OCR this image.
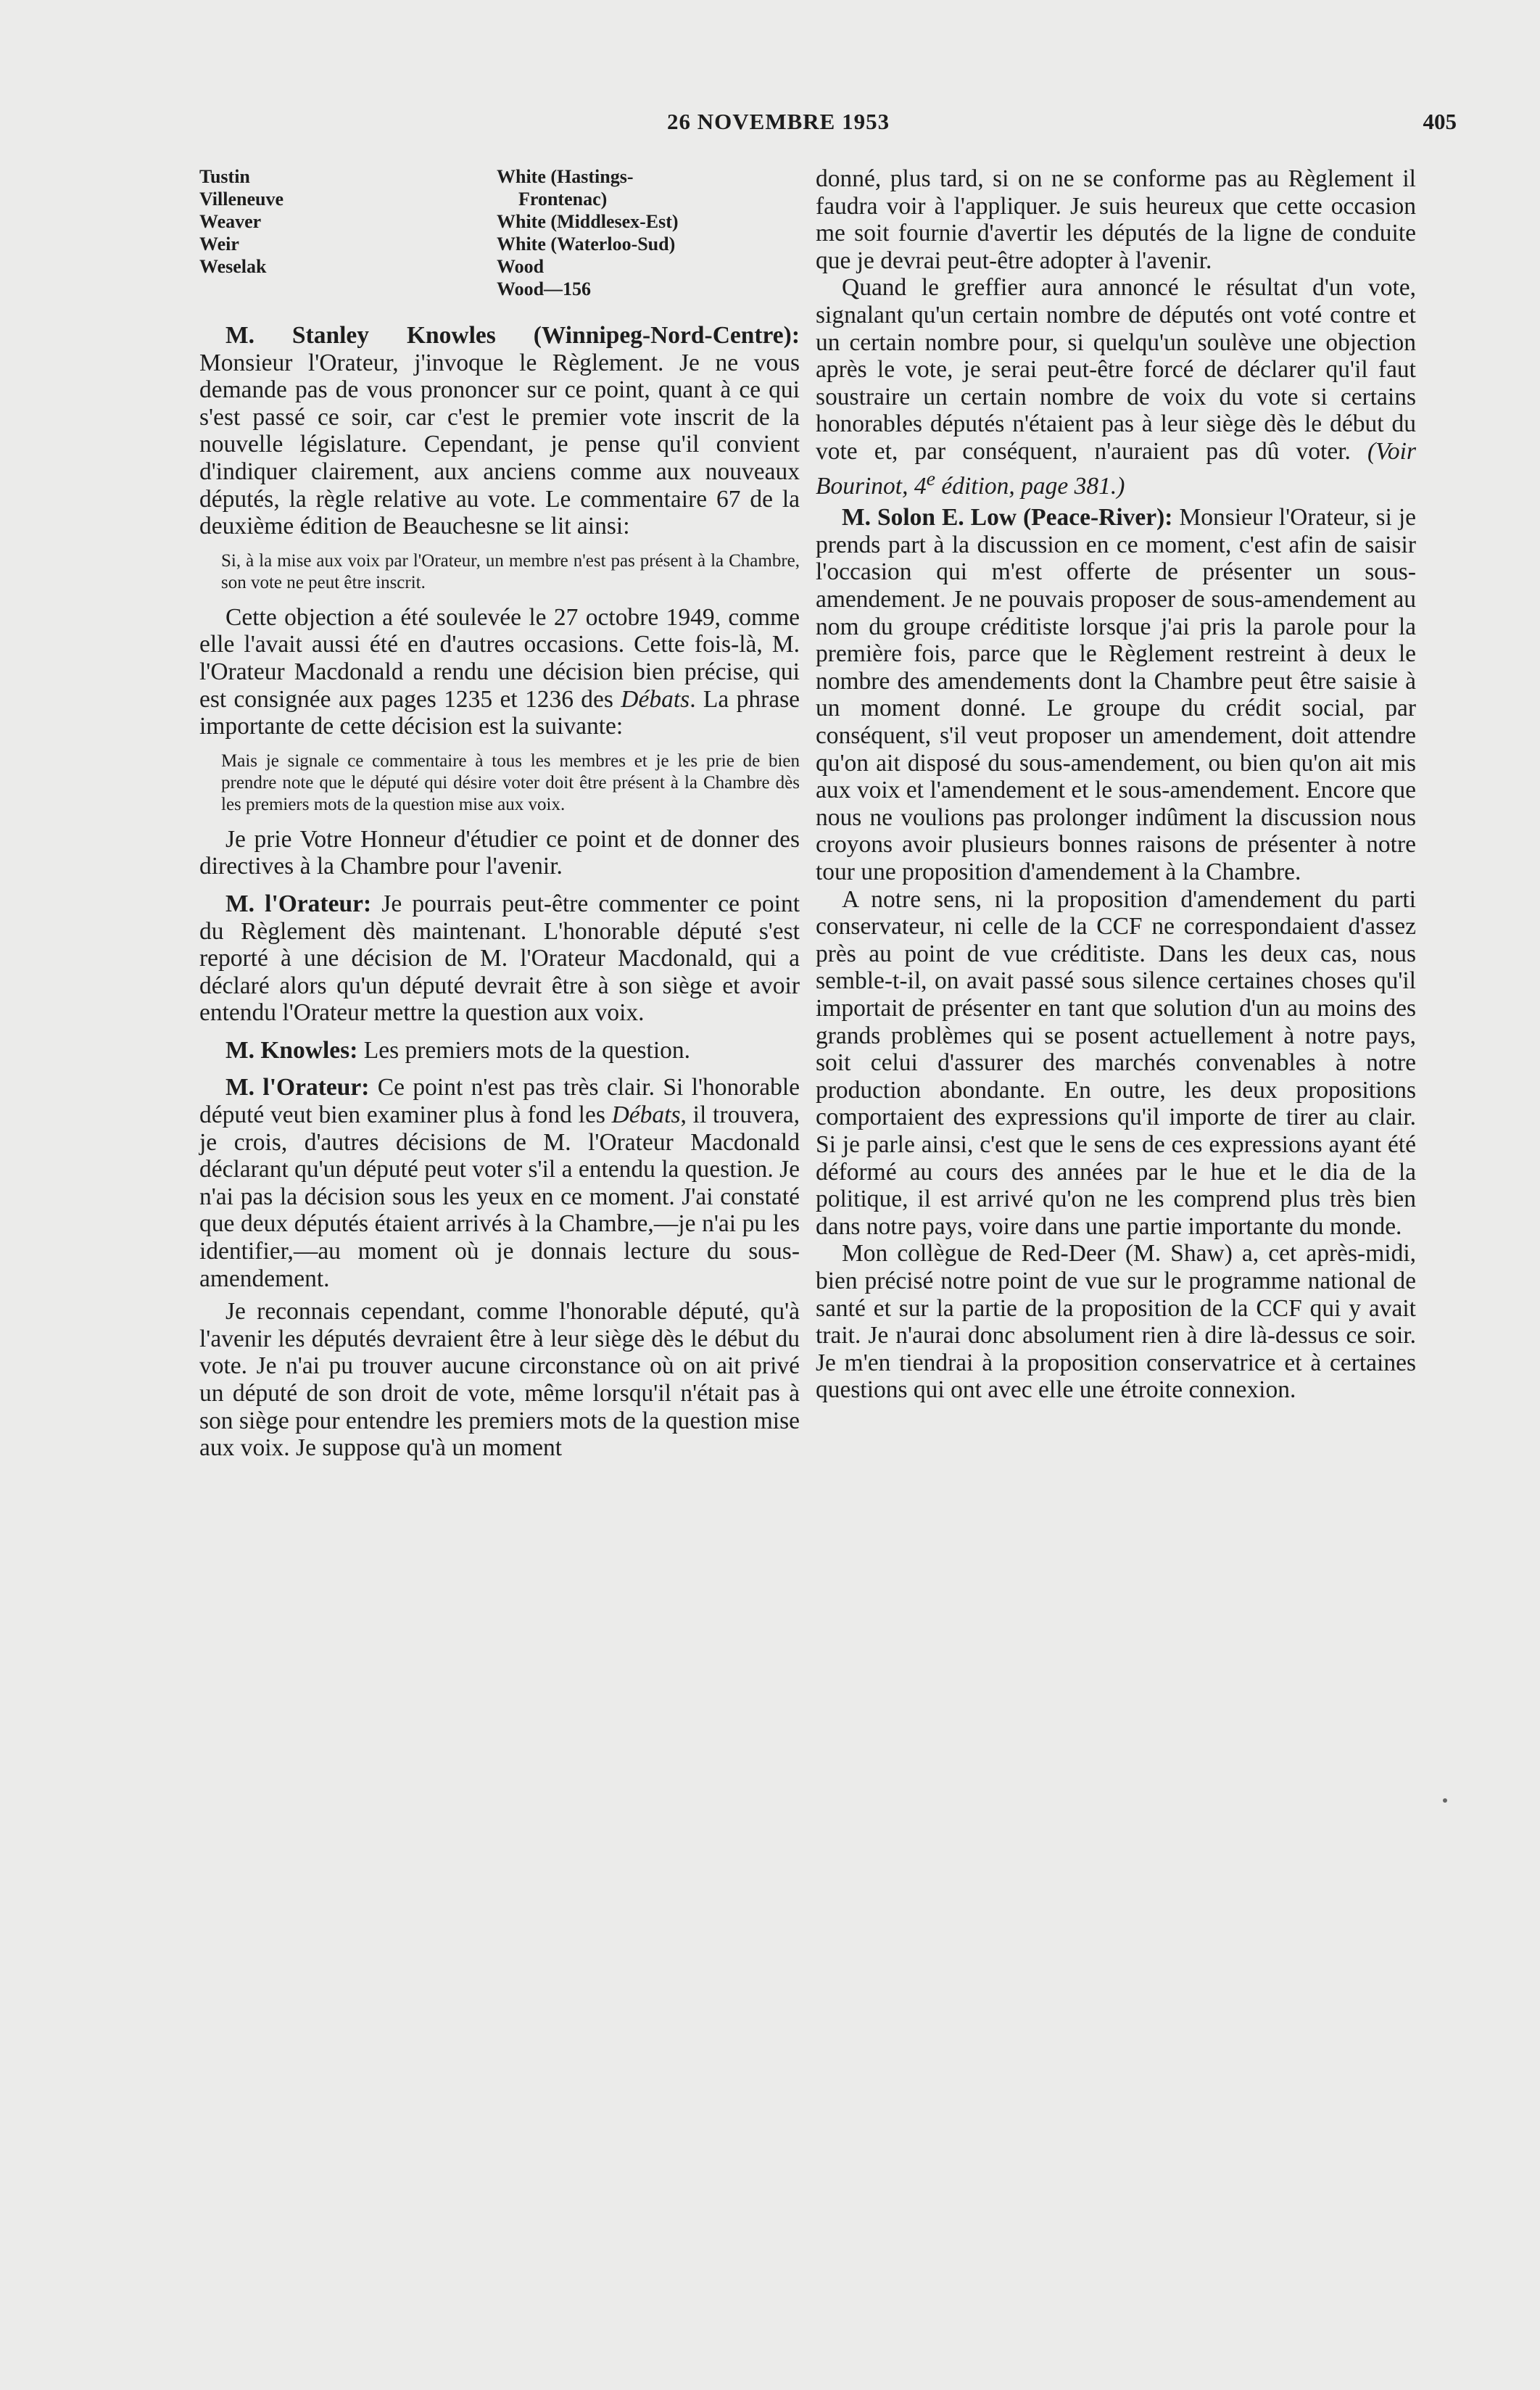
26 NOVEMBRE 1953	405
Tustin
Villeneuve
Weaver
Weir
Weselak
White (Hastings-
Frontenac)
White (Middlesex-Est)
White (Waterloo-Sud)
Wood
Wood—156

M. Stanley Knowles (Winnipeg-Nord-Centre): Monsieur l'Orateur, j'invoque le Règlement. Je ne vous demande pas de vous prononcer sur ce point, quant à ce qui s'est passé ce soir, car c'est le premier vote inscrit de la nouvelle législature. Cependant, je pense qu'il convient d'indiquer clairement, aux anciens comme aux nouveaux députés, la règle relative au vote. Le commentaire 67 de la deuxième édition de Beauchesne se lit ainsi:

Si, à la mise aux voix par l'Orateur, un membre n'est pas présent à la Chambre, son vote ne peut être inscrit.

Cette objection a été soulevée le 27 octobre 1949, comme elle l'avait aussi été en d'autres occasions. Cette fois-là, M. l'Orateur Macdonald a rendu une décision bien précise, qui est consignée aux pages 1235 et 1236 des Débats. La phrase importante de cette décision est la suivante:

Mais je signale ce commentaire à tous les membres et je les prie de bien prendre note que le député qui désire voter doit être présent à la Chambre dès les premiers mots de la question mise aux voix.

Je prie Votre Honneur d'étudier ce point et de donner des directives à la Chambre pour l'avenir.

M. l'Orateur: Je pourrais peut-être commenter ce point du Règlement dès maintenant. L'honorable député s'est reporté à une décision de M. l'Orateur Macdonald, qui a déclaré alors qu'un député devrait être à son siège et avoir entendu l'Orateur mettre la question aux voix.

M. Knowles: Les premiers mots de la question.

M. l'Orateur: Ce point n'est pas très clair. Si l'honorable député veut bien examiner plus à fond les Débats, il trouvera, je crois, d'autres décisions de M. l'Orateur Macdonald déclarant qu'un député peut voter s'il a entendu la question. Je n'ai pas la décision sous les yeux en ce moment. J'ai constaté que deux députés étaient arrivés à la Chambre,—je n'ai pu les identifier,—au moment où je donnais lecture du sous-amendement.

Je reconnais cependant, comme l'honorable député, qu'à l'avenir les députés devraient être à leur siège dès le début du vote. Je n'ai pu trouver aucune circonstance où on ait privé un député de son droit de vote, même lorsqu'il n'était pas à son siège pour entendre les premiers mots de la question mise aux voix. Je suppose qu'à un moment

donné, plus tard, si on ne se conforme pas au Règlement il faudra voir à l'appliquer. Je suis heureux que cette occasion me soit fournie d'avertir les députés de la ligne de conduite que je devrai peut-être adopter à l'avenir.

Quand le greffier aura annoncé le résultat d'un vote, signalant qu'un certain nombre de députés ont voté contre et un certain nombre pour, si quelqu'un soulève une objection après le vote, je serai peut-être forcé de déclarer qu'il faut soustraire un certain nombre de voix du vote si certains honorables députés n'étaient pas à leur siège dès le début du vote et, par conséquent, n'auraient pas dû voter. (Voir Bourinot, 4e édition, page 381.)

M. Solon E. Low (Peace-River): Monsieur l'Orateur, si je prends part à la discussion en ce moment, c'est afin de saisir l'occasion qui m'est offerte de présenter un sous-amendement. Je ne pouvais proposer de sous-amendement au nom du groupe créditiste lorsque j'ai pris la parole pour la première fois, parce que le Règlement restreint à deux le nombre des amendements dont la Chambre peut être saisie à un moment donné. Le groupe du crédit social, par conséquent, s'il veut proposer un amendement, doit attendre qu'on ait disposé du sous-amendement, ou bien qu'on ait mis aux voix et l'amendement et le sous-amendement. Encore que nous ne voulions pas prolonger indûment la discussion nous croyons avoir plusieurs bonnes raisons de présenter à notre tour une proposition d'amendement à la Chambre.

A notre sens, ni la proposition d'amendement du parti conservateur, ni celle de la CCF ne correspondaient d'assez près au point de vue créditiste. Dans les deux cas, nous semble-t-il, on avait passé sous silence certaines choses qu'il importait de présenter en tant que solution d'un au moins des grands problèmes qui se posent actuellement à notre pays, soit celui d'assurer des marchés convenables à notre production abondante. En outre, les deux propositions comportaient des expressions qu'il importe de tirer au clair. Si je parle ainsi, c'est que le sens de ces expressions ayant été déformé au cours des années par le hue et le dia de la politique, il est arrivé qu'on ne les comprend plus très bien dans notre pays, voire dans une partie importante du monde.

Mon collègue de Red-Deer (M. Shaw) a, cet après-midi, bien précisé notre point de vue sur le programme national de santé et sur la partie de la proposition de la CCF qui y avait trait. Je n'aurai donc absolument rien à dire là-dessus ce soir. Je m'en tiendrai à la proposition conservatrice et à certaines questions qui ont avec elle une étroite connexion.
